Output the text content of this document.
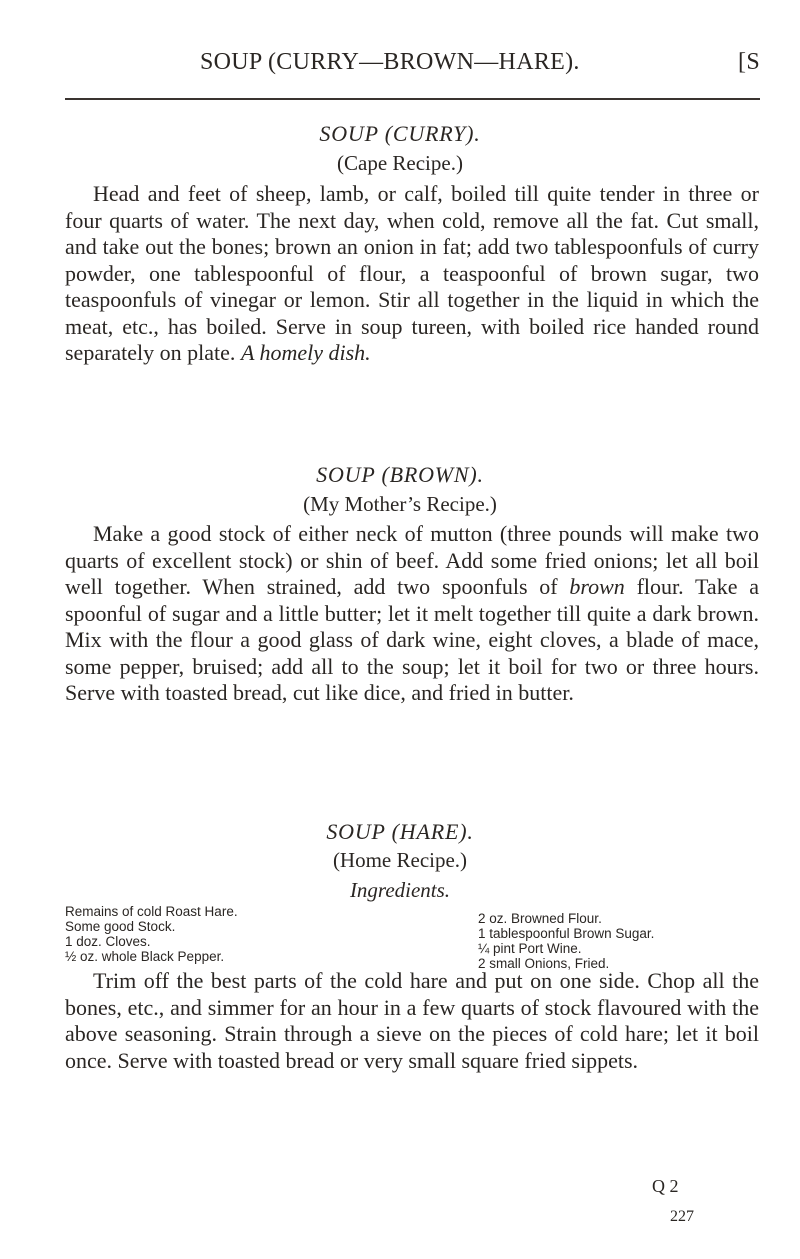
SOUP (CURRY—BROWN—HARE).	[S
SOUP (CURRY).
(Cape Recipe.)

Head and feet of sheep, lamb, or calf, boiled till quite tender in three or four quarts of water. The next day, when cold, remove all the fat. Cut small, and take out the bones; brown an onion in fat; add two tablespoonfuls of curry powder, one tablespoonful of flour, a teaspoonful of brown sugar, two teaspoonfuls of vinegar or lemon. Stir all together in the liquid in which the meat, etc., has boiled. Serve in soup tureen, with boiled rice handed round separately on plate. A homely dish.

SOUP (BROWN).
(My Mother’s Recipe.)

Make a good stock of either neck of mutton (three pounds will make two quarts of excellent stock) or shin of beef. Add some fried onions; let all boil well together. When strained, add two spoonfuls of brown flour. Take a spoonful of sugar and a little butter; let it melt together till quite a dark brown. Mix with the flour a good glass of dark wine, eight cloves, a blade of mace, some pepper, bruised; add all to the soup; let it boil for two or three hours. Serve with toasted bread, cut like dice, and fried in butter.

SOUP (HARE).
(Home Recipe.)
Ingredients.
Remains of cold Roast Hare.
Some good Stock.
1 doz. Cloves.
½ oz. whole Black Pepper.
2 oz. Browned Flour.
1 tablespoonful Brown Sugar.
¼ pint Port Wine.
2 small Onions, Fried.

Trim off the best parts of the cold hare and put on one side. Chop all the bones, etc., and simmer for an hour in a few quarts of stock flavoured with the above seasoning. Strain through a sieve on the pieces of cold hare; let it boil once. Serve with toasted bread or very small square fried sippets.

Q 2
227
